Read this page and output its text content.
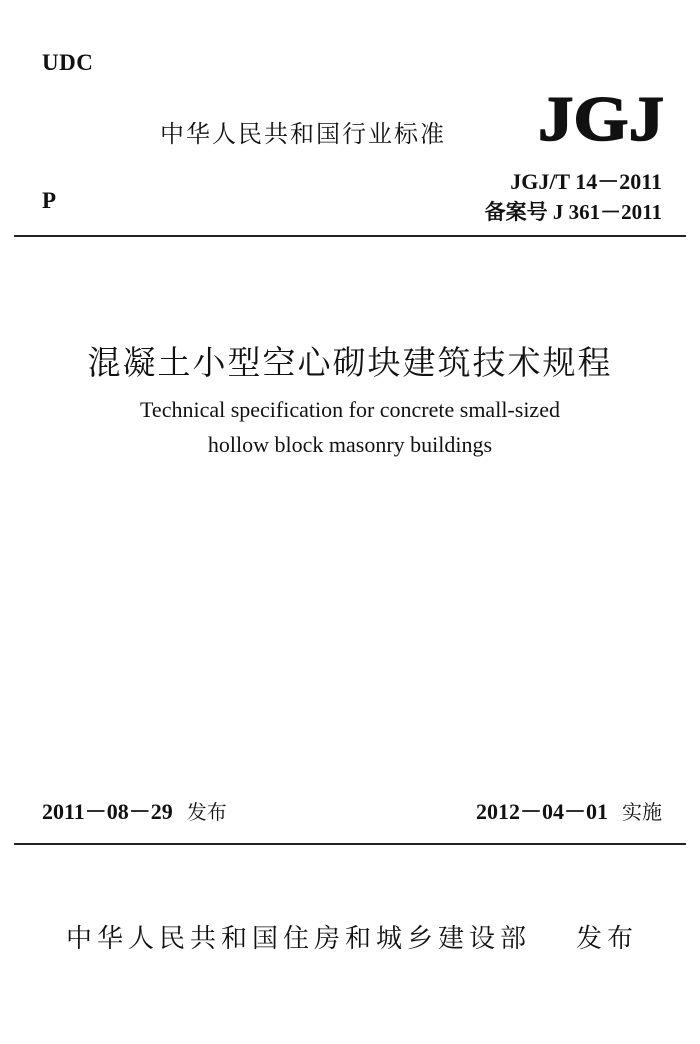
UDC
中华人民共和国行业标准 JGJ
P
JGJ/T 14－2011
备案号 J 361－2011
混凝土小型空心砌块建筑技术规程
Technical specification for concrete small-sized
hollow block masonry buildings
2011－08－29 发布	2012－04－01 实施
中华人民共和国住房和城乡建设部 发布
